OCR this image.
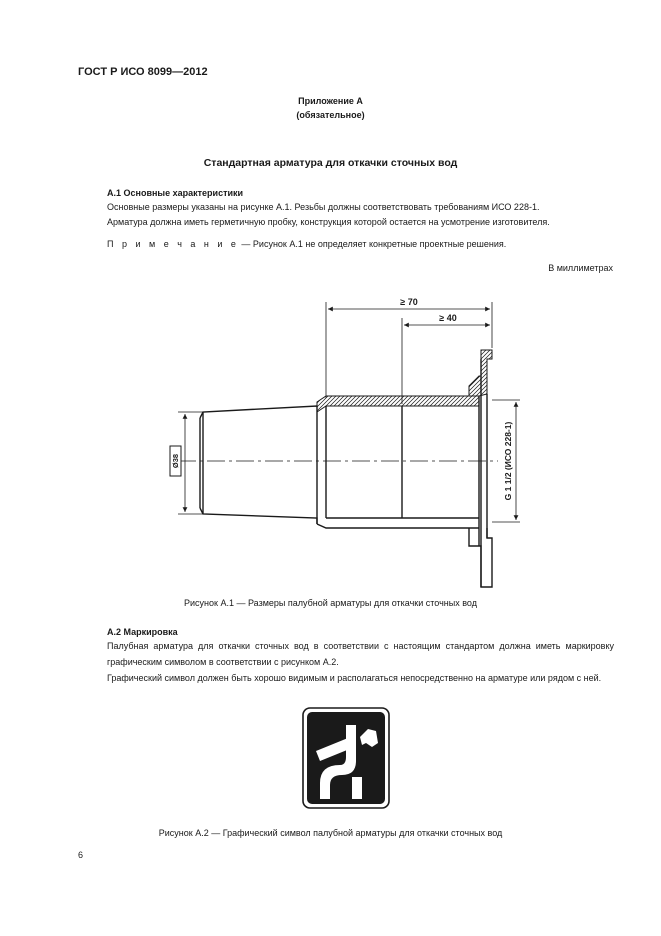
ГОСТ Р ИСО 8099—2012
Приложение А
(обязательное)
Стандартная арматура для откачки сточных вод
А.1 Основные характеристики
Основные размеры указаны на рисунке А.1. Резьбы должны соответствовать требованиям ИСО 228-1.
Арматура должна иметь герметичную пробку, конструкция которой остается на усмотрение изготовителя.
П р и м е ч а н и е — Рисунок А.1 не определяет конкретные проектные решения.
В миллиметрах
≥ 70
≥ 40
Ø38	G 1 1/2 (ИСО 228-1)
Рисунок А.1 — Размеры палубной арматуры для откачки сточных вод
А.2 Маркировка
Палубная арматура для откачки сточных вод в соответствии с настоящим стандартом должна иметь маркировку графическим символом в соответствии с рисунком А.2.
Графический символ должен быть хорошо видимым и располагаться непосредственно на арматуре или рядом с ней.
Рисунок А.2 — Графический символ палубной арматуры для откачки сточных вод
6
